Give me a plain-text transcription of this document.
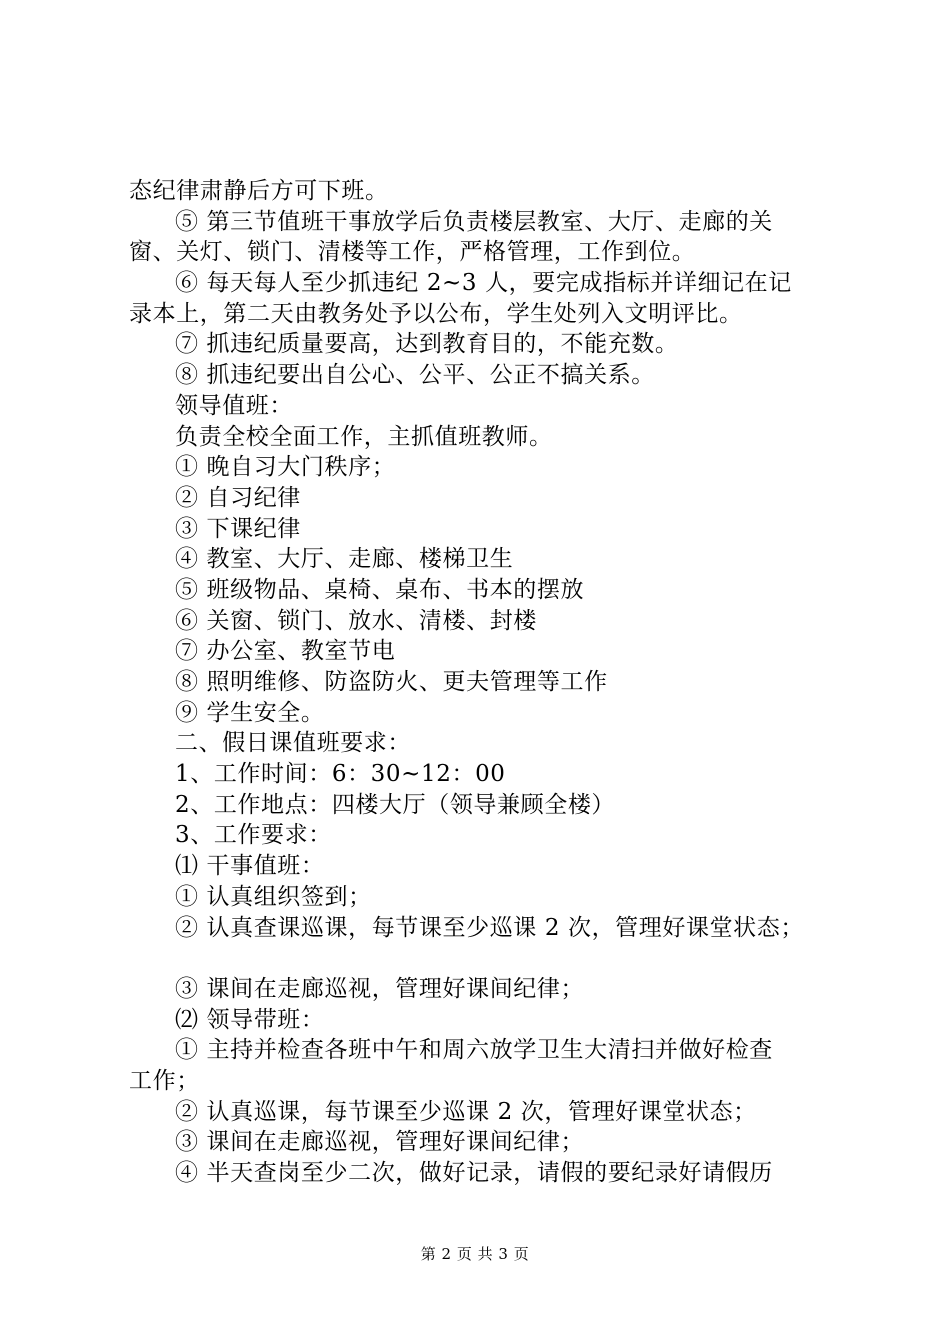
态纪律肃静后方可下班。
⑤ 第三节值班干事放学后负责楼层教室、大厅、走廊的关
窗、关灯、锁门、清楼等工作，严格管理，工作到位。
⑥ 每天每人至少抓违纪 2~3 人，要完成指标并详细记在记
录本上，第二天由教务处予以公布，学生处列入文明评比。
⑦ 抓违纪质量要高，达到教育目的，不能充数。
⑧ 抓违纪要出自公心、公平、公正不搞关系。
领导值班：
负责全校全面工作，主抓值班教师。
① 晚自习大门秩序；
② 自习纪律
③ 下课纪律
④ 教室、大厅、走廊、楼梯卫生
⑤ 班级物品、桌椅、桌布、书本的摆放
⑥ 关窗、锁门、放水、清楼、封楼
⑦ 办公室、教室节电
⑧ 照明维修、防盗防火、更夫管理等工作
⑨ 学生安全。
二、假日课值班要求：
1、工作时间：6：30~12：00
2、工作地点：四楼大厅（领导兼顾全楼）
3、工作要求：
⑴ 干事值班：
① 认真组织签到；
② 认真查课巡课，每节课至少巡课 2 次，管理好课堂状态；
③ 课间在走廊巡视，管理好课间纪律；
⑵ 领导带班：
① 主持并检查各班中午和周六放学卫生大清扫并做好检查
工作；
② 认真巡课，每节课至少巡课 2 次，管理好课堂状态；
③ 课间在走廊巡视，管理好课间纪律；
④ 半天查岗至少二次，做好记录，请假的要纪录好请假历
第 2 页 共 3 页
